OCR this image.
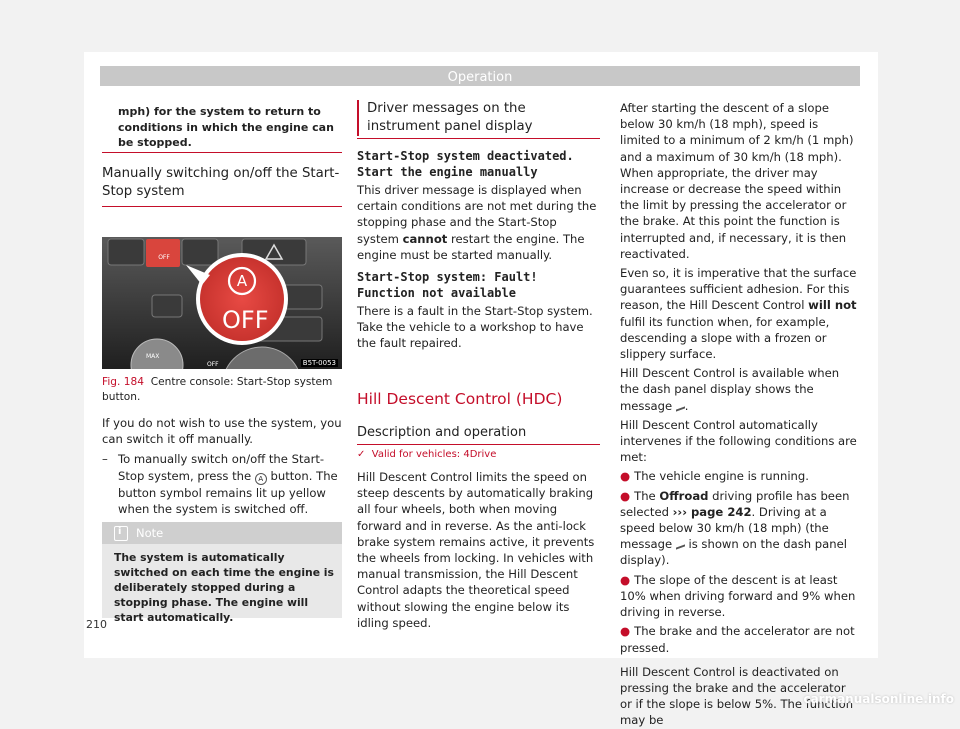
Operation
mph) for the system to return to conditions in which the engine can be stopped.
Manually switching on/off the Start-Stop system
A
OFF
OFF
MAX
OFF	B5T-0053
Fig. 184 Centre console: Start-Stop system button.

If you do not wish to use the system, you can switch it off manually.

– To manually switch on/off the Start-Stop system, press the A button. The button symbol remains lit up yellow when the system is switched off.

i
Note
The system is automatically switched on each time the engine is deliberately stopped during a stopping phase. The engine will start automatically.
Driver messages on the instrument panel display

Start-Stop system deactivated. Start the engine manually

This driver message is displayed when certain conditions are not met during the stopping phase and the Start-Stop system cannot restart the engine. The engine must be started manually.

Start-Stop system: Fault! Function not available

There is a fault in the Start-Stop system. Take the vehicle to a workshop to have the fault repaired.

Hill Descent Control (HDC)
Description and operation
✓ Valid for vehicles: 4Drive

Hill Descent Control limits the speed on steep descents by automatically braking all four wheels, both when moving forward and in reverse. As the anti-lock brake system remains active, it prevents the wheels from locking. In vehicles with manual transmission, the Hill Descent Control adapts the theoretical speed without slowing the engine below its idling speed.

After starting the descent of a slope below 30 km/h (18 mph), speed is limited to a minimum of 2 km/h (1 mph) and a maximum of 30 km/h (18 mph). When appropriate, the driver may increase or decrease the speed within the limit by pressing the accelerator or the brake. At this point the function is interrupted and, if necessary, it is then reactivated.

Even so, it is imperative that the surface guarantees sufficient adhesion. For this reason, the Hill Descent Control will not fulfil its function when, for example, descending a slope with a frozen or slippery surface.

Hill Descent Control is available when the dash panel display shows the message .

Hill Descent Control automatically intervenes if the following conditions are met:

● The vehicle engine is running.

● The Offroad driving profile has been selected ››› page 242. Driving at a speed below 30 km/h (18 mph) (the message is shown on the dash panel display).

● The slope of the descent is at least 10% when driving forward and 9% when driving in reverse.

● The brake and the accelerator are not pressed.

Hill Descent Control is deactivated on pressing the brake and the accelerator or if the slope is below 5%. The function may be

210
carmanualsonline.info
